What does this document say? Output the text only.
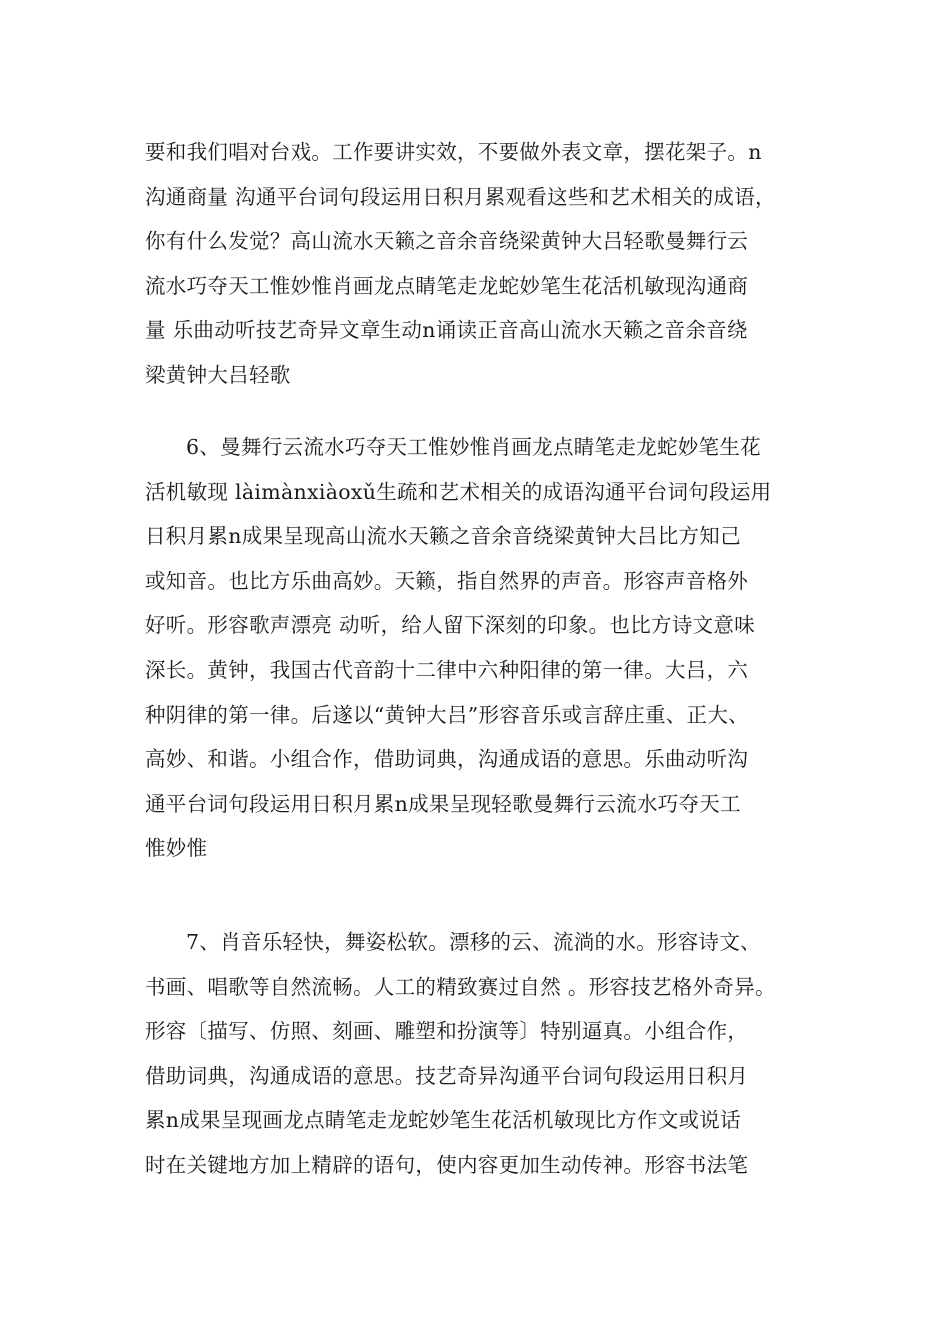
要和我们唱对台戏。工作要讲实效，不要做外表文章，摆花架子。n
沟通商量 沟通平台词句段运用日积月累观看这些和艺术相关的成语，
你有什么发觉？高山流水天籁之音余音绕梁黄钟大吕轻歌曼舞行云
流水巧夺天工惟妙惟肖画龙点睛笔走龙蛇妙笔生花活机敏现沟通商
量 乐曲动听技艺奇异文章生动n诵读正音高山流水天籁之音余音绕
梁黄钟大吕轻歌
6、曼舞行云流水巧夺天工惟妙惟肖画龙点睛笔走龙蛇妙笔生花
活机敏现 làimànxiàoxǔ生疏和艺术相关的成语沟通平台词句段运用
日积月累n成果呈现高山流水天籁之音余音绕梁黄钟大吕比方知己
或知音。也比方乐曲高妙。天籁，指自然界的声音。形容声音格外
好听。形容歌声漂亮 动听，给人留下深刻的印象。也比方诗文意味
深长。黄钟，我国古代音韵十二律中六种阳律的第一律。大吕，六
种阴律的第一律。后遂以“黄钟大吕”形容音乐或言辞庄重、正大、
高妙、和谐。小组合作，借助词典，沟通成语的意思。乐曲动听沟
通平台词句段运用日积月累n成果呈现轻歌曼舞行云流水巧夺天工
惟妙惟
7、肖音乐轻快，舞姿松软。漂移的云、流淌的水。形容诗文、
书画、唱歌等自然流畅。人工的精致赛过自然 。形容技艺格外奇异。
形容〔描写、仿照、刻画、雕塑和扮演等〕特别逼真。小组合作，
借助词典，沟通成语的意思。技艺奇异沟通平台词句段运用日积月
累n成果呈现画龙点睛笔走龙蛇妙笔生花活机敏现比方作文或说话
时在关键地方加上精辟的语句，使内容更加生动传神。形容书法笔
